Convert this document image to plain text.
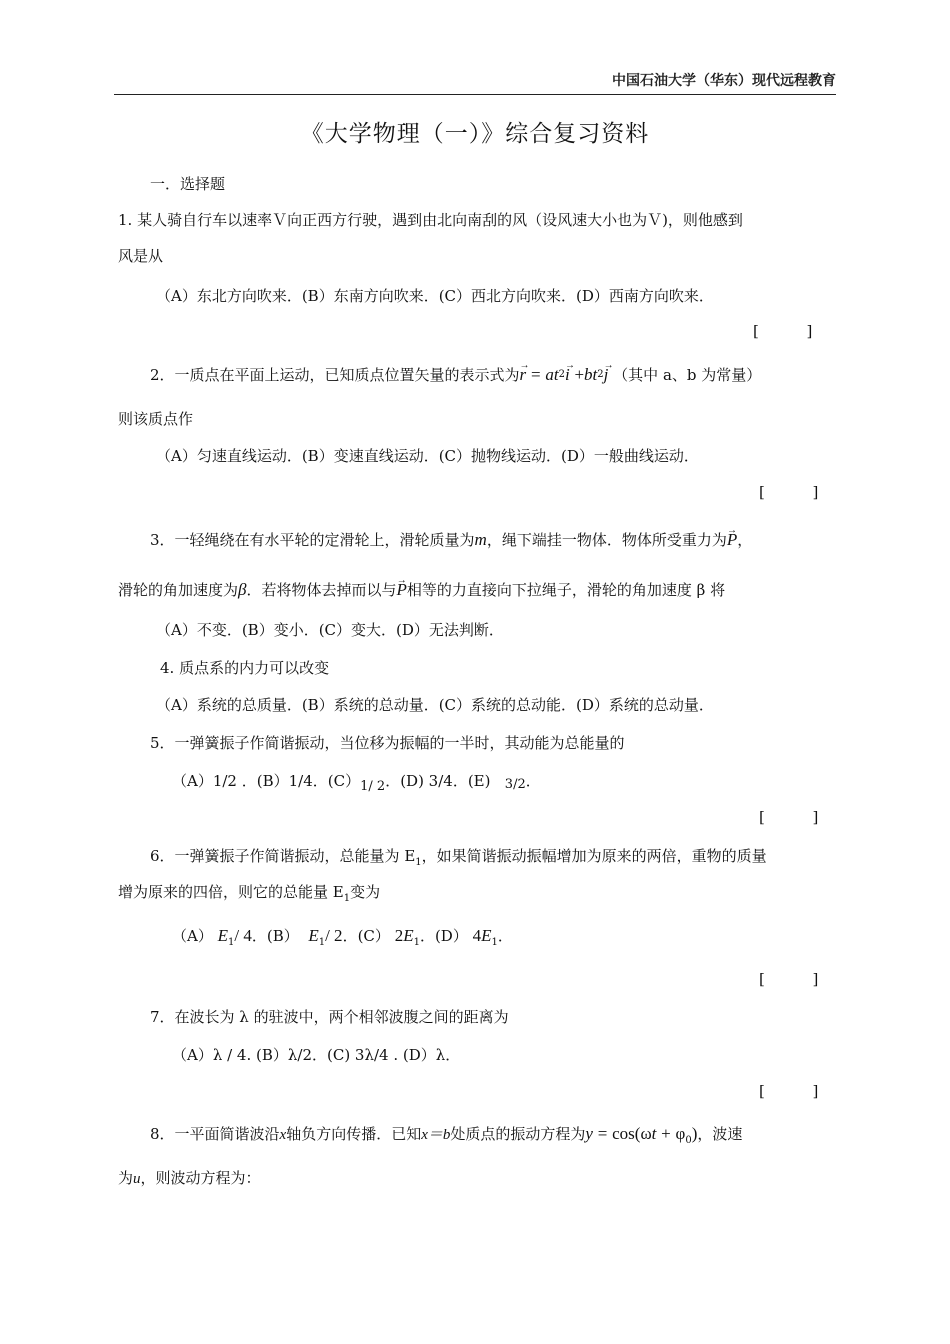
中国石油大学（华东）现代远程教育
《大学物理（一）》综合复习资料
一．选择题
1. 某人骑自行车以速率Ｖ向正西方行驶，遇到由北向南刮的风（设风速大小也为Ｖ)，则他感到
风是从
（A）东北方向吹来．(B）东南方向吹来．(C）西北方向吹来．(D）西南方向吹来．
[          ]
2．一质点在平面上运动，已知质点位置矢量的表示式为→ $r = at^2\to i +bt^2\to j$ （其中 a、b 为常量）
则该质点作
（A）匀速直线运动．(B）变速直线运动．(C）抛物线运动．(D）一般曲线运动．
[          ]
3．一轻绳绕在有水平轮的定滑轮上，滑轮质量为m，绳下端挂一物体．物体所受重力为→ P，
滑轮的角加速度为β．若将物体去掉而以与→ P相等的力直接向下拉绳子，滑轮的角加速度 β 将
（A）不变．(B）变小．(C）变大．(D）无法判断．
4. 质点系的内力可以改变
（A）系统的总质量．(B）系统的总动量．(C）系统的总动能．(D）系统的总动量．
5．一弹簧振子作简谐振动，当位移为振幅的一半时，其动能为总能量的
（A）1/2 ．(B）1/4．(C）1/ 2．(D) 3/4．(E) 3/2．
[          ]
6．一弹簧振子作简谐振动，总能量为 $E_1$，如果简谐振动振幅增加为原来的两倍，重物的质量
增为原来的四倍，则它的总能量 $E_1$变为
（A） $E_1/$ 4．(B） $E_1/$ 2．(C） $2E_1$．(D） $4E_1$．
[          ]
7．在波长为 λ 的驻波中，两个相邻波腹之间的距离为
（A）λ / 4. (B）λ/2．(C) 3λ/4 . (D）λ．
[          ]
8．一平面简谐波沿x轴负方向传播．已知x＝b处质点的振动方程为$y = \cos(\omega t + \varphi_0)$，波速
为u，则波动方程为：
